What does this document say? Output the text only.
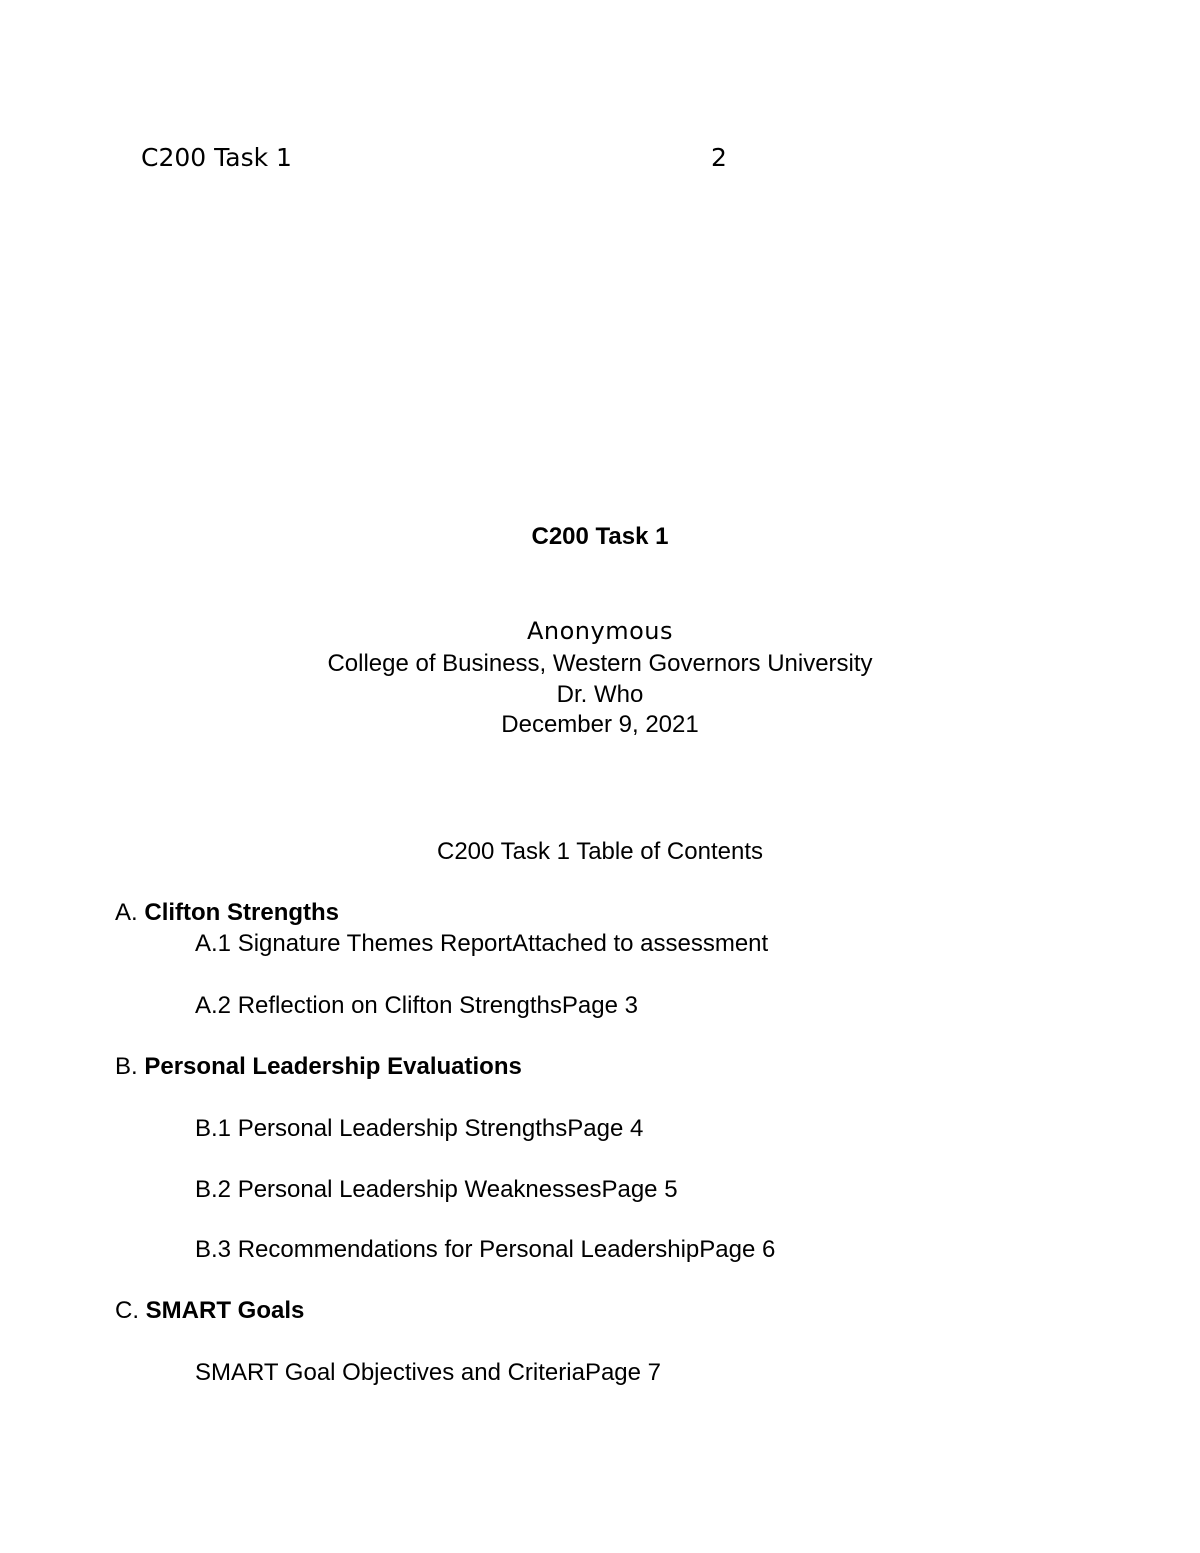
C200 Task 1	2
C200 Task 1
Anonymous
College of Business, Western Governors University
Dr. Who
December 9, 2021
C200 Task 1 Table of Contents
A. Clifton Strengths
A.1 Signature Themes ReportAttached to assessment
A.2 Reflection on Clifton StrengthsPage 3
B. Personal Leadership Evaluations
B.1 Personal Leadership StrengthsPage 4
B.2 Personal Leadership WeaknessesPage 5
B.3 Recommendations for Personal LeadershipPage 6
C. SMART Goals
SMART Goal Objectives and CriteriaPage 7
